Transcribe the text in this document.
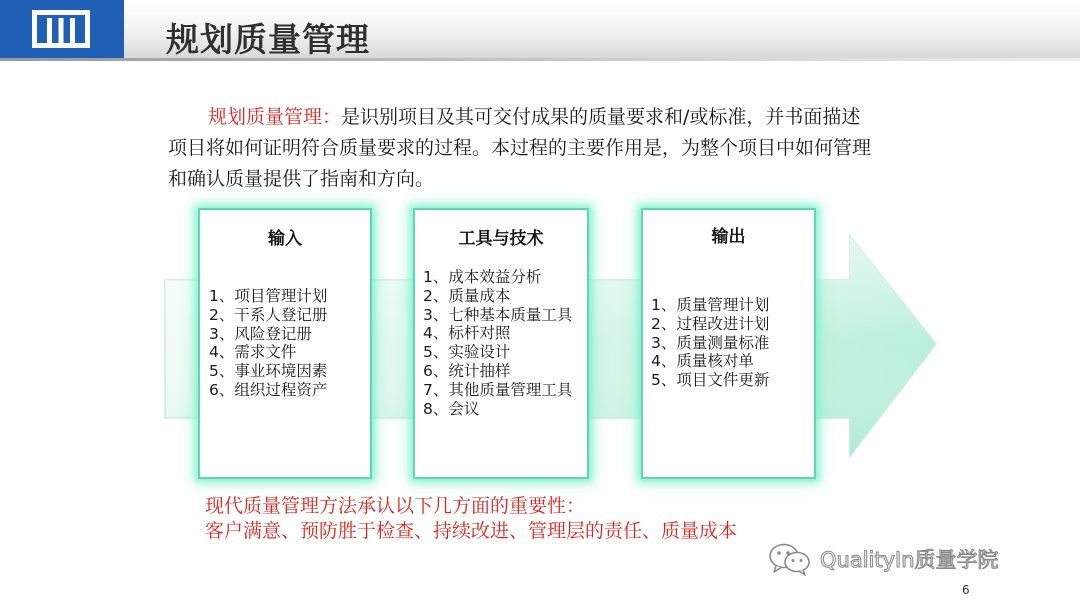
规划质量管理
规划质量管理：是识别项目及其可交付成果的质量要求和/或标准，并书面描述
项目将如何证明符合质量要求的过程。本过程的主要作用是，为整个项目中如何管理
和确认质量提供了指南和方向。
输入
1、项目管理计划
2、干系人登记册
3、风险登记册
4、需求文件
5、事业环境因素
6、组织过程资产
工具与技术
1、成本效益分析
2、质量成本
3、七种基本质量工具
4、标杆对照
5、实验设计
6、统计抽样
7、其他质量管理工具
8、会议
输出
1、质量管理计划
2、过程改进计划
3、质量测量标准
4、质量核对单
5、项目文件更新
现代质量管理方法承认以下几方面的重要性：
客户满意、预防胜于检查、持续改进、管理层的责任、质量成本
QualityIn质量学院
6
